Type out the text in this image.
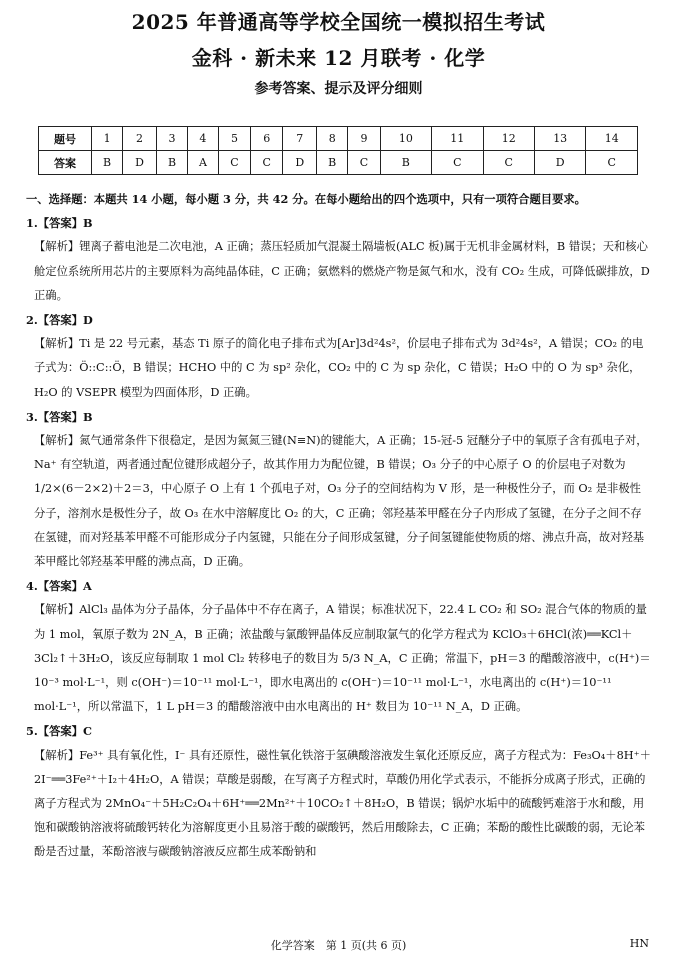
2025 年普通高等学校全国统一模拟招生考试
金科 · 新未来 12 月联考 · 化学
参考答案、提示及评分细则
题号	1	2	3	4	5	6	7	8	9	10	11	12	13	14
答案	B	D	B	A	C	C	D	B	C	B	C	C	D	C

一、选择题：本题共 14 小题，每小题 3 分，共 42 分。在每小题给出的四个选项中，只有一项符合题目要求。

1.【答案】B

【解析】锂离子蓄电池是二次电池，A 正确；蒸压轻质加气混凝土隔墙板(ALC 板)属于无机非金属材料，B 错误；天和核心舱定位系统所用芯片的主要原料为高纯晶体硅，C 正确；氨燃料的燃烧产物是氮气和水，没有 CO₂ 生成，可降低碳排放，D 正确。

2.【答案】D

【解析】Ti 是 22 号元素，基态 Ti 原子的简化电子排布式为[Ar]3d²4s²，价层电子排布式为 3d²4s²，A 错误；CO₂ 的电子式为：Ö::C::Ö，B 错误；HCHO 中的 C 为 sp² 杂化，CO₂ 中的 C 为 sp 杂化，C 错误；H₂O 中的 O 为 sp³ 杂化，H₂O 的 VSEPR 模型为四面体形，D 正确。

3.【答案】B

【解析】氮气通常条件下很稳定，是因为氮氮三键(N≡N)的键能大，A 正确；15-冠-5 冠醚分子中的氧原子含有孤电子对，Na⁺ 有空轨道，两者通过配位键形成超分子，故其作用力为配位键，B 错误；O₃ 分子的中心原子 O 的价层电子对数为 1/2×(6－2×2)＋2＝3，中心原子 O 上有 1 个孤电子对，O₃ 分子的空间结构为 V 形，是一种极性分子，而 O₂ 是非极性分子，溶剂水是极性分子，故 O₃ 在水中溶解度比 O₂ 的大，C 正确；邻羟基苯甲醛在分子内形成了氢键，在分子之间不存在氢键，而对羟基苯甲醛不可能形成分子内氢键，只能在分子间形成氢键，分子间氢键能使物质的熔、沸点升高，故对羟基苯甲醛比邻羟基苯甲醛的沸点高，D 正确。

4.【答案】A

【解析】AlCl₃ 晶体为分子晶体，分子晶体中不存在离子，A 错误；标准状况下，22.4 L CO₂ 和 SO₂ 混合气体的物质的量为 1 mol，氧原子数为 2N_A，B 正确；浓盐酸与氯酸钾晶体反应制取氯气的化学方程式为 KClO₃＋6HCl(浓)══KCl＋3Cl₂↑＋3H₂O，该反应每制取 1 mol Cl₂ 转移电子的数目为 5/3 N_A，C 正确；常温下，pH＝3 的醋酸溶液中，c(H⁺)＝10⁻³ mol·L⁻¹，则 c(OH⁻)＝10⁻¹¹ mol·L⁻¹，即水电离出的 c(OH⁻)＝10⁻¹¹ mol·L⁻¹，水电离出的 c(H⁺)＝10⁻¹¹ mol·L⁻¹，所以常温下，1 L pH＝3 的醋酸溶液中由水电离出的 H⁺ 数目为 10⁻¹¹ N_A，D 正确。

5.【答案】C

【解析】Fe³⁺ 具有氧化性，I⁻ 具有还原性，磁性氧化铁溶于氢碘酸溶液发生氧化还原反应，离子方程式为：Fe₃O₄＋8H⁺＋2I⁻══3Fe²⁺＋I₂＋4H₂O，A 错误；草酸是弱酸，在写离子方程式时，草酸仍用化学式表示，不能拆分成离子形式，正确的离子方程式为 2MnO₄⁻＋5H₂C₂O₄＋6H⁺══2Mn²⁺＋10CO₂↑＋8H₂O，B 错误；锅炉水垢中的硫酸钙难溶于水和酸，用饱和碳酸钠溶液将硫酸钙转化为溶解度更小且易溶于酸的碳酸钙，然后用酸除去，C 正确；苯酚的酸性比碳酸的弱，无论苯酚是否过量，苯酚溶液与碳酸钠溶液反应都生成苯酚钠和

化学答案　第 1 页(共 6 页)	HN
